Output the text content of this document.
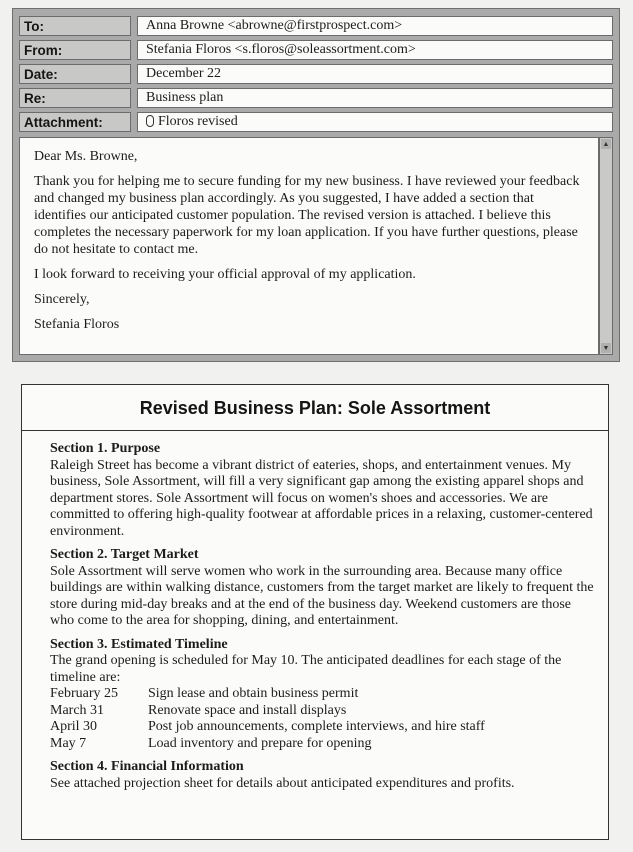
To:	Anna Browne <abrowne@firstprospect.com>
From:	Stefania Floros <s.floros@soleassortment.com>
Date:	December 22
Re:	Business plan
Attachment:	Floros revised

Dear Ms. Browne,

Thank you for helping me to secure funding for my new business. I have reviewed your feedback and changed my business plan accordingly. As you suggested, I have added a section that identifies our anticipated customer population. The revised version is attached. I believe this completes the necessary paperwork for my loan application. If you have further questions, please do not hesitate to contact me.

I look forward to receiving your official approval of my application.

Sincerely,

Stefania Floros

▲
▼
Revised Business Plan: Sole Assortment
Section 1. Purpose

Raleigh Street has become a vibrant district of eateries, shops, and entertainment venues. My business, Sole Assortment, will fill a very significant gap among the existing apparel shops and department stores. Sole Assortment will focus on women's shoes and accessories. We are committed to offering high-quality footwear at affordable prices in a relaxing, customer-centered environment.

Section 2. Target Market

Sole Assortment will serve women who work in the surrounding area. Because many office buildings are within walking distance, customers from the target market are likely to frequent the store during mid-day breaks and at the end of the business day. Weekend customers are those who come to the area for shopping, dining, and entertainment.

Section 3. Estimated Timeline

The grand opening is scheduled for May 10. The anticipated deadlines for each stage of the timeline are:

February 25	Sign lease and obtain business permit
March 31	Renovate space and install displays
April 30	Post job announcements, complete interviews, and hire staff
May 7	Load inventory and prepare for opening
Section 4. Financial Information

See attached projection sheet for details about anticipated expenditures and profits.
